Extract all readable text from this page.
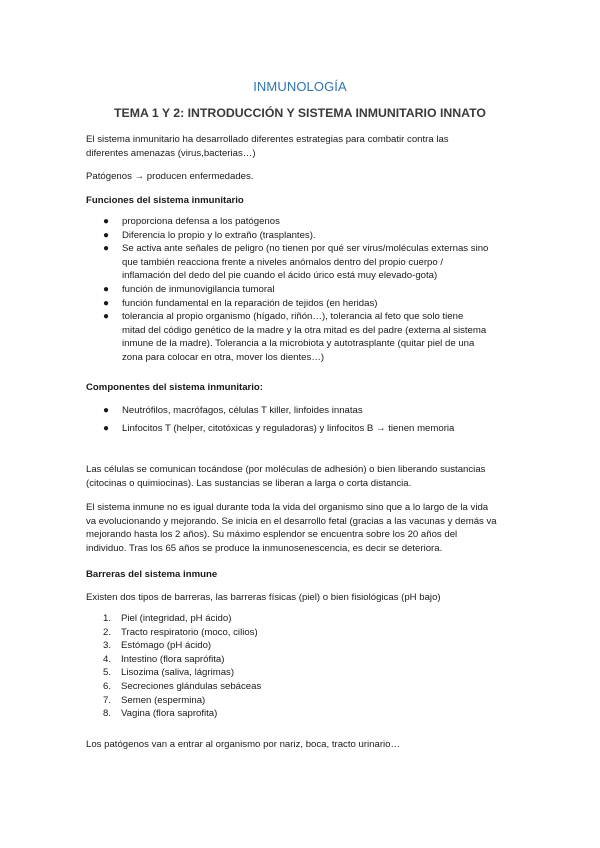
INMUNOLOGÍA
TEMA 1 Y 2: INTRODUCCIÓN Y SISTEMA INMUNITARIO INNATO

El sistema inmunitario ha desarrollado diferentes estrategias para combatir contra las
diferentes amenazas (virus,bacterias…)

Patógenos → producen enfermedades.

Funciones del sistema inmunitario

● proporciona defensa a los patógenos
● Diferencia lo propio y lo extraño (trasplantes).
● Se activa ante señales de peligro (no tienen por qué ser virus/moléculas externas sino
que también reacciona frente a niveles anómalos dentro del propio cuerpo /
inflamación del dedo del pie cuando el ácido úrico está muy elevado-gota)
● función de inmunovigilancia tumoral
● función fundamental en la reparación de tejidos (en heridas)
● tolerancia al propio organismo (hígado, riñón…), tolerancia al feto que solo tiene
mitad del código genético de la madre y la otra mitad es del padre (externa al sistema
inmune de la madre). Tolerancia a la microbiota y autotrasplante (quitar piel de una
zona para colocar en otra, mover los dientes…)

Componentes del sistema inmunitario:

● Neutrófilos, macrófagos, células T killer, linfoides innatas
● Linfocitos T (helper, citotóxicas y reguladoras) y linfocitos B → tienen memoria

Las células se comunican tocándose (por moléculas de adhesión) o bien liberando sustancias
(citocinas o quimiocinas). Las sustancias se liberan a larga o corta distancia.

El sistema inmune no es igual durante toda la vida del organismo sino que a lo largo de la vida
va evolucionando y mejorando. Se inicia en el desarrollo fetal (gracias a las vacunas y demás va
mejorando hasta los 2 años). Su máximo esplendor se encuentra sobre los 20 años del
individuo. Tras los 65 años se produce la inmunosenescencia, es decir se deteriora.

Barreras del sistema inmune

Existen dos tipos de barreras, las barreras físicas (piel) o bien fisiológicas (pH bajo)

1. Piel (integridad, pH ácido)
2. Tracto respiratorio (moco, cilios)
3. Estómago (pH ácido)
4. Intestino (flora saprófita)
5. Lisozima (saliva, lágrimas)
6. Secreciones glándulas sebáceas
7. Semen (espermina)
8. Vagina (flora saprofita)

Los patógenos van a entrar al organismo por nariz, boca, tracto urinario…
